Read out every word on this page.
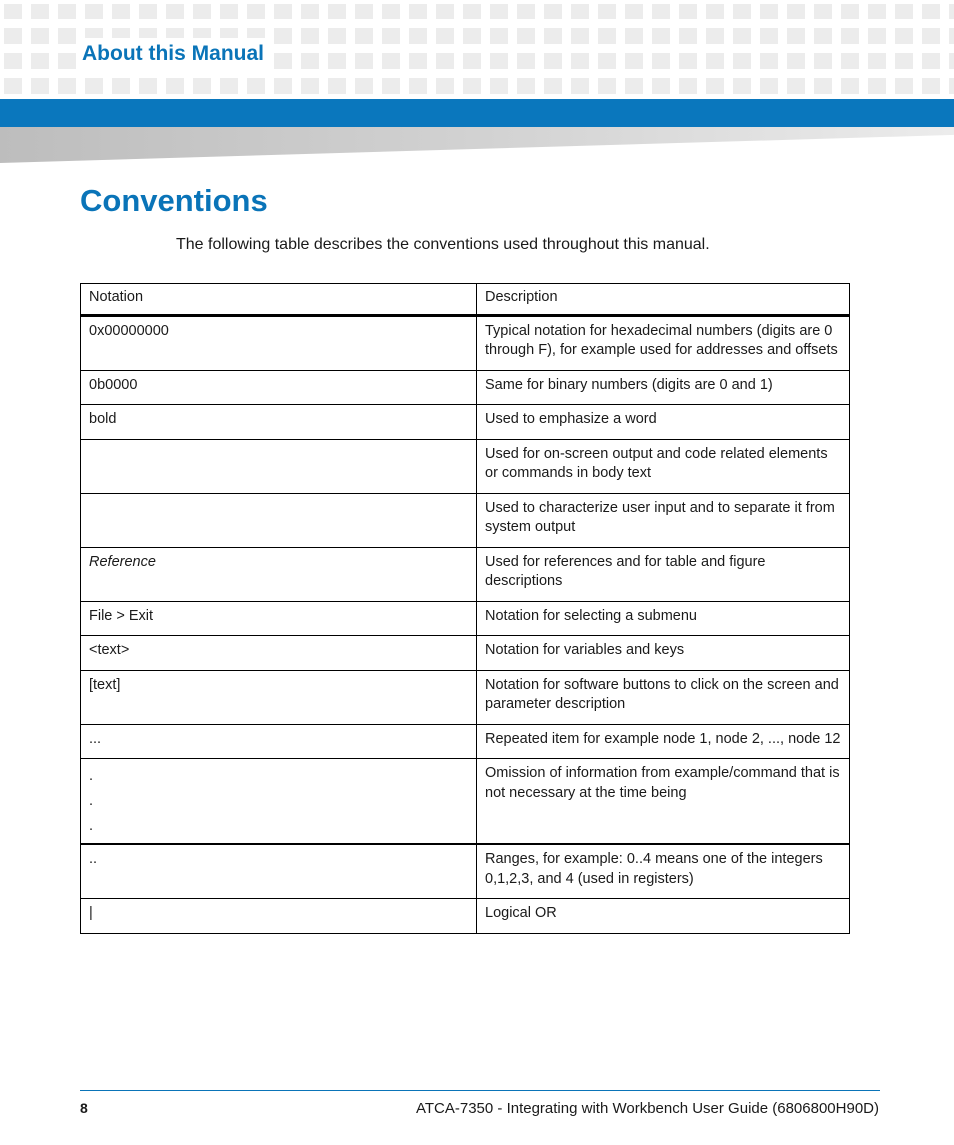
About this Manual
Conventions

The following table describes the conventions used throughout this manual.

Notation	Description
0x00000000	Typical notation for hexadecimal numbers (digits are 0 through F), for example used for addresses and offsets
0b0000	Same for binary numbers (digits are 0 and 1)
bold	Used to emphasize a word
	Used for on-screen output and code related elements or commands in body text
	Used to characterize user input and to separate it from system output
Reference	Used for references and for table and figure descriptions
File > Exit	Notation for selecting a submenu
<text>	Notation for variables and keys
[text]	Notation for software buttons to click on the screen and parameter description
...	Repeated item for example node 1, node 2, ..., node 12
.
.
.	Omission of information from example/command that is not necessary at the time being
..	Ranges, for example: 0..4 means one of the integers 0,1,2,3, and 4 (used in registers)
|	Logical OR
8	ATCA-7350 - Integrating with Workbench User Guide (6806800H90D)
